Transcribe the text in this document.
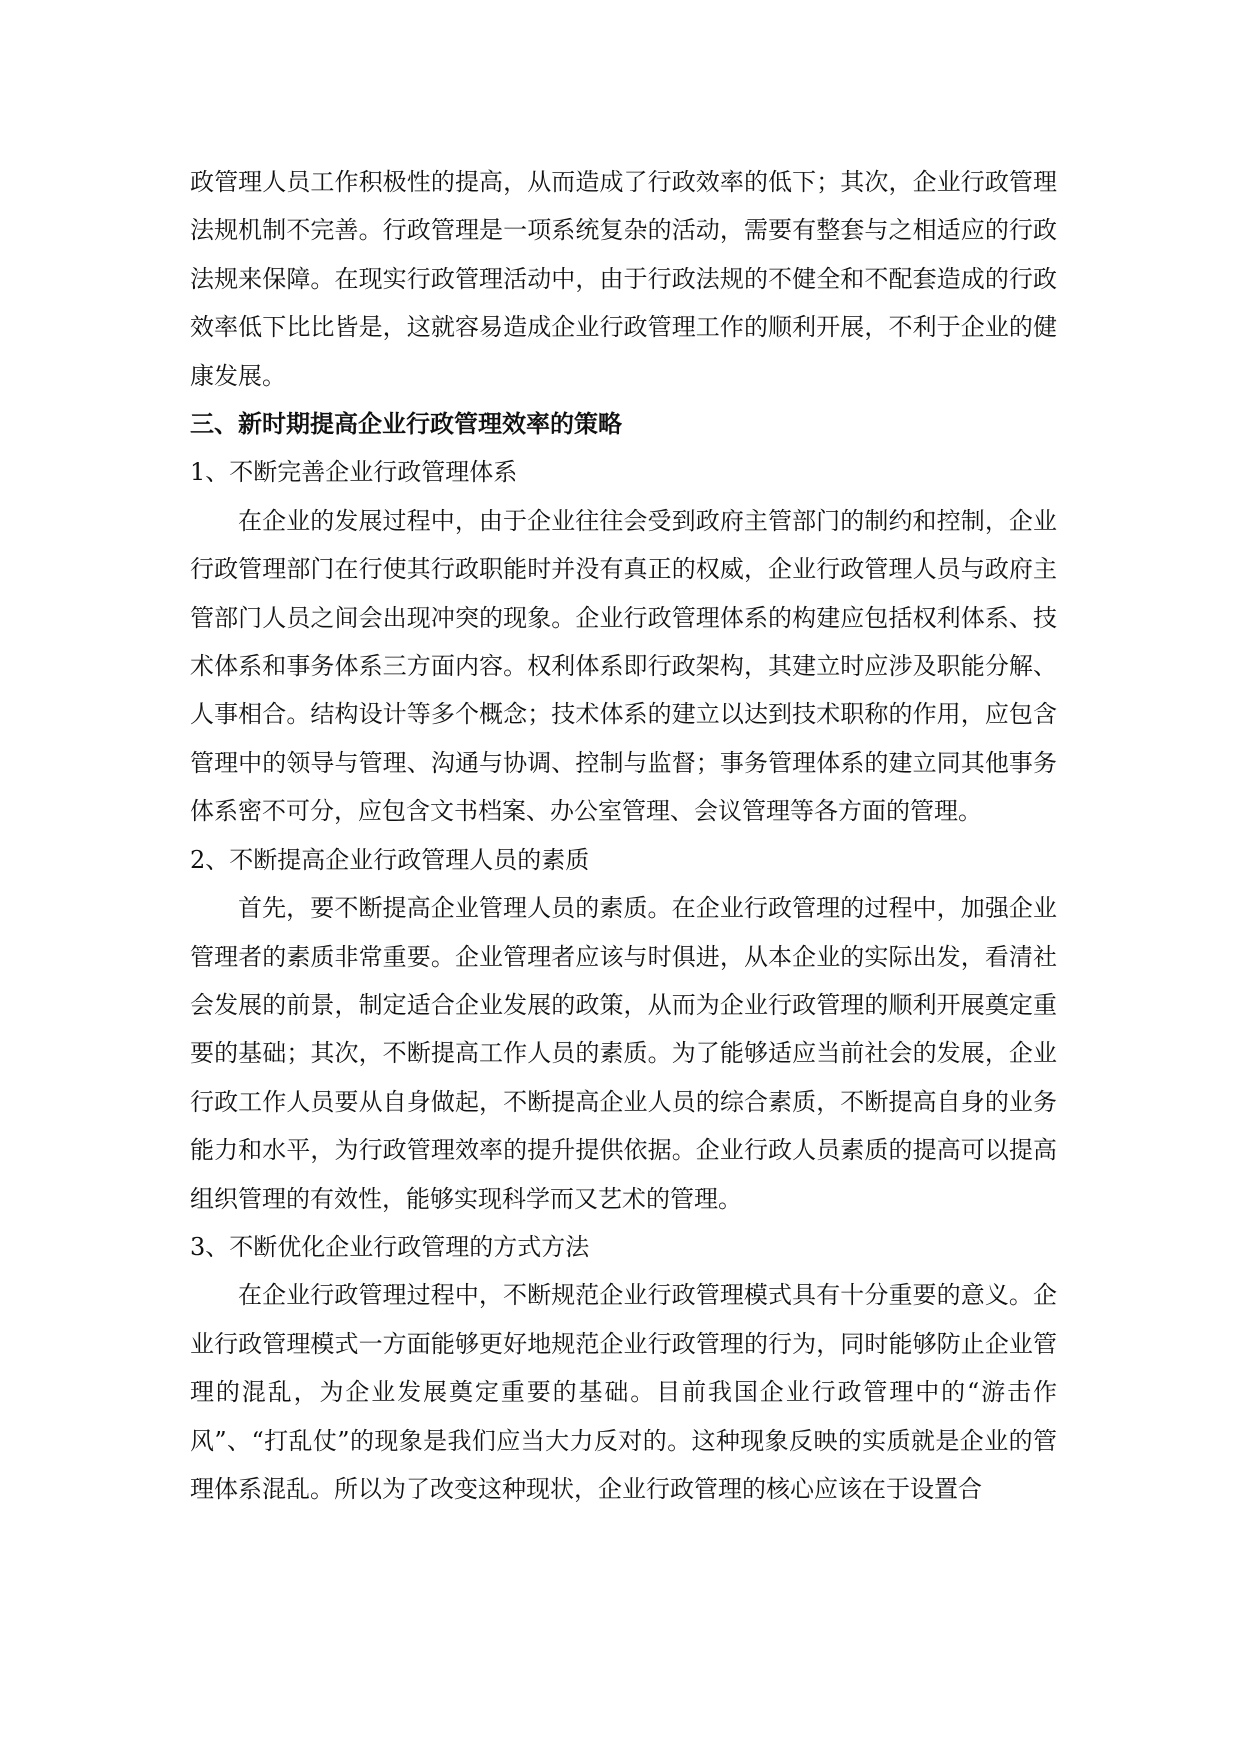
政管理人员工作积极性的提高，从而造成了行政效率的低下；其次，企业行政管理法规机制不完善。行政管理是一项系统复杂的活动，需要有整套与之相适应的行政法规来保障。在现实行政管理活动中，由于行政法规的不健全和不配套造成的行政效率低下比比皆是，这就容易造成企业行政管理工作的顺利开展，不利于企业的健康发展。

三、新时期提高企业行政管理效率的策略

1、不断完善企业行政管理体系

在企业的发展过程中，由于企业往往会受到政府主管部门的制约和控制，企业行政管理部门在行使其行政职能时并没有真正的权威，企业行政管理人员与政府主管部门人员之间会出现冲突的现象。企业行政管理体系的构建应包括权利体系、技术体系和事务体系三方面内容。权利体系即行政架构，其建立时应涉及职能分解、人事相合。结构设计等多个概念；技术体系的建立以达到技术职称的作用，应包含管理中的领导与管理、沟通与协调、控制与监督；事务管理体系的建立同其他事务体系密不可分，应包含文书档案、办公室管理、会议管理等各方面的管理。

2、不断提高企业行政管理人员的素质

首先，要不断提高企业管理人员的素质。在企业行政管理的过程中，加强企业管理者的素质非常重要。企业管理者应该与时俱进，从本企业的实际出发，看清社会发展的前景，制定适合企业发展的政策，从而为企业行政管理的顺利开展奠定重要的基础；其次，不断提高工作人员的素质。为了能够适应当前社会的发展，企业行政工作人员要从自身做起，不断提高企业人员的综合素质，不断提高自身的业务能力和水平，为行政管理效率的提升提供依据。企业行政人员素质的提高可以提高组织管理的有效性，能够实现科学而又艺术的管理。

3、不断优化企业行政管理的方式方法

在企业行政管理过程中，不断规范企业行政管理模式具有十分重要的意义。企业行政管理模式一方面能够更好地规范企业行政管理的行为，同时能够防止企业管理的混乱，为企业发展奠定重要的基础。目前我国企业行政管理中的“游击作风”、“打乱仗”的现象是我们应当大力反对的。这种现象反映的实质就是企业的管理体系混乱。所以为了改变这种现状，企业行政管理的核心应该在于设置合
